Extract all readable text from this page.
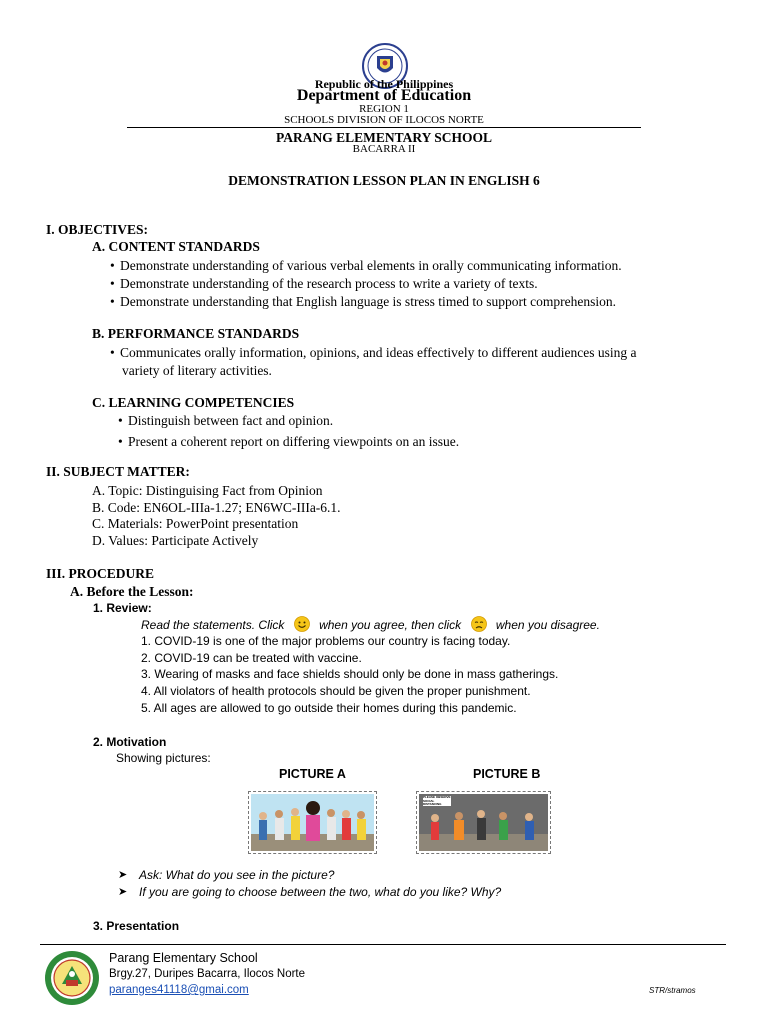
Republic of the Philippines
Department of Education
REGION 1
SCHOOLS DIVISION OF ILOCOS NORTE
PARANG ELEMENTARY SCHOOL
BACARRA II
DEMONSTRATION LESSON PLAN IN ENGLISH 6
I. OBJECTIVES:
A. CONTENT STANDARDS
• Demonstrate understanding of various verbal elements in orally communicating information.
• Demonstrate understanding of the research process to write a variety of texts.
• Demonstrate understanding that English language is stress timed to support comprehension.
B. PERFORMANCE STANDARDS
• Communicates orally information, opinions, and ideas effectively to different audiences using a
variety of literary activities.
C. LEARNING COMPETENCIES
• Distinguish between fact and opinion.
• Present a coherent report on differing viewpoints on an issue.
II. SUBJECT MATTER:
A. Topic: Distinguising Fact from Opinion
B. Code: EN6OL-IIIa-1.27; EN6WC-IIIa-6.1.
C. Materials: PowerPoint presentation
D. Values: Participate Actively
III. PROCEDURE
A. Before the Lesson:
1. Review:
Read the statements. Click	when you agree, then click	when you disagree.
1. COVID-19 is one of the major problems our country is facing today.
2. COVID-19 can be treated with vaccine.
3. Wearing of masks and face shields should only be done in mass gatherings.
4. All violators of health protocols should be given the proper punishment.
5. All ages are allowed to go outside their homes during this pandemic.
2. Motivation
Showing pictures:
PICTURE A	PICTURE B
PLEASE OBSERVE SOCIAL DISTANCING
➤ Ask: What do you see in the picture?
➤ If you are going to choose between the two, what do you like? Why?
3. Presentation
Parang Elementary School
Brgy.27, Duripes Bacarra, Ilocos Norte
paranges41118@gmai.com	STR/stramos
